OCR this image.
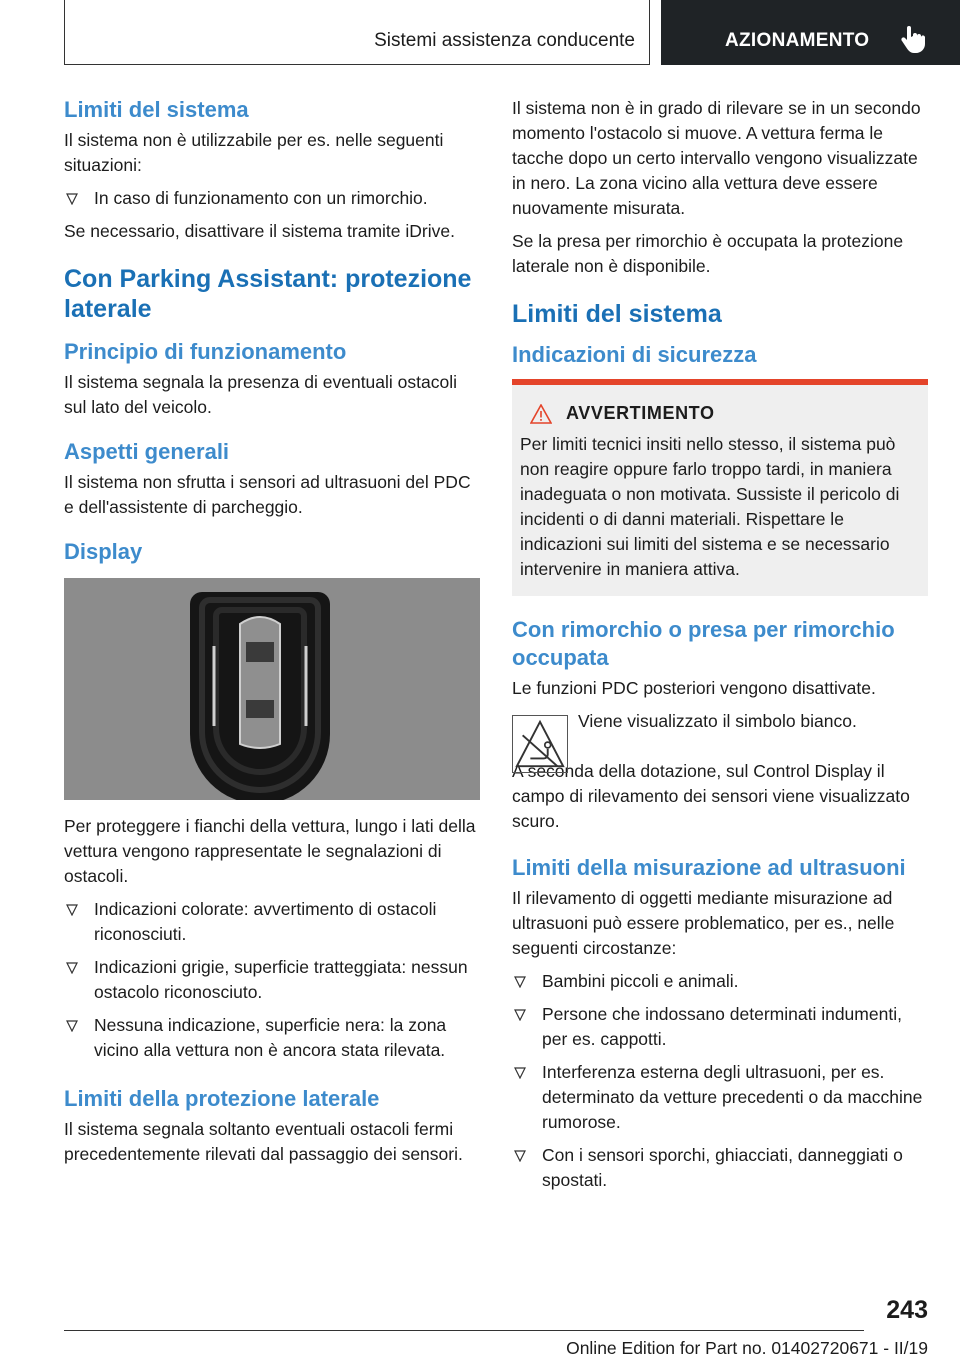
Sistemi assistenza conducente	AZIONAMENTO
Limiti del sistema

Il sistema non è utilizzabile per es. nelle seguenti situazioni:

In caso di funzionamento con un rimorchio.

Se necessario, disattivare il sistema tramite iDrive.

Con Parking Assistant: protezione laterale
Principio di funzionamento

Il sistema segnala la presenza di eventuali ostacoli sul lato del veicolo.

Aspetti generali

Il sistema non sfrutta i sensori ad ultrasuoni del PDC e dell'assistente di parcheggio.

Display

Per proteggere i fianchi della vettura, lungo i lati della vettura vengono rappresentate le segnalazioni di ostacoli.

Indicazioni colorate: avvertimento di ostacoli riconosciuti.
Indicazioni grigie, superficie tratteggiata: nessun ostacolo riconosciuto.
Nessuna indicazione, superficie nera: la zona vicino alla vettura non è ancora stata rilevata.
Limiti della protezione laterale

Il sistema segnala soltanto eventuali ostacoli fermi precedentemente rilevati dal passaggio dei sensori.

Il sistema non è in grado di rilevare se in un secondo momento l'ostacolo si muove. A vettura ferma le tacche dopo un certo intervallo vengono visualizzate in nero. La zona vicino alla vettura deve essere nuovamente misurata.

Se la presa per rimorchio è occupata la protezione laterale non è disponibile.

Limiti del sistema
Indicazioni di sicurezza
AVVERTIMENTO

Per limiti tecnici insiti nello stesso, il sistema può non reagire oppure farlo troppo tardi, in maniera inadeguata o non motivata. Sussiste il pericolo di incidenti o di danni materiali. Rispettare le indicazioni sui limiti del sistema e se necessario intervenire in maniera attiva.

Con rimorchio o presa per rimorchio occupata

Le funzioni PDC posteriori vengono disattivate.

Viene visualizzato il simbolo bianco.

A seconda della dotazione, sul Control Display il campo di rilevamento dei sensori viene visualizzato scuro.

Limiti della misurazione ad ultrasuoni

Il rilevamento di oggetti mediante misurazione ad ultrasuoni può essere problematico, per es., nelle seguenti circostanze:

Bambini piccoli e animali.
Persone che indossano determinati indumenti, per es. cappotti.
Interferenza esterna degli ultrasuoni, per es. determinato da vetture precedenti o da macchine rumorose.
Con i sensori sporchi, ghiacciati, danneggiati o spostati.
243
Online Edition for Part no. 01402720671 - II/19
